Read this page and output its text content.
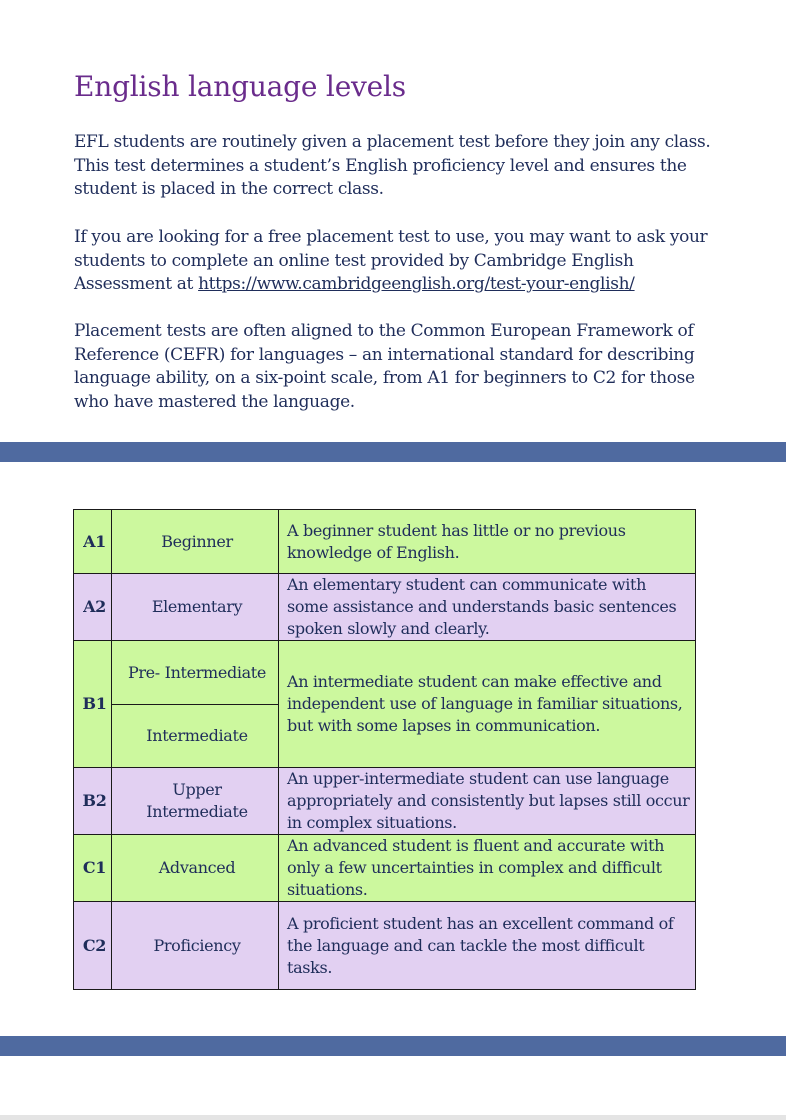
English language levels

EFL students are routinely given a placement test before they join any class. This test determines a student’s English proficiency level and ensures the student is placed in the correct class.

If you are looking for a free placement test to use, you may want to ask your students to complete an online test provided by Cambridge English Assessment at https://www.cambridgeenglish.org/test-your-english/

Placement tests are often aligned to the Common European Framework of Reference (CEFR) for languages – an international standard for describing language ability, on a six-point scale, from A1 for beginners to C2 for those who have mastered the language.

A1	Beginner	A beginner student has little or no previous knowledge of English.
A2	Elementary	An elementary student can communicate with some assistance and understands basic sentences spoken slowly and clearly.
B1	Pre- Intermediate	An intermediate student can make effective and independent use of language in familiar situations, but with some lapses in communication.
	Intermediate	
B2	Upper Intermediate	An upper-intermediate student can use language appropriately and consistently but lapses still occur in complex situations.
C1	Advanced	An advanced student is fluent and accurate with only a few uncertainties in complex and difficult situations.
C2	Proficiency	A proficient student has an excellent command of the language and can tackle the most difficult tasks.
